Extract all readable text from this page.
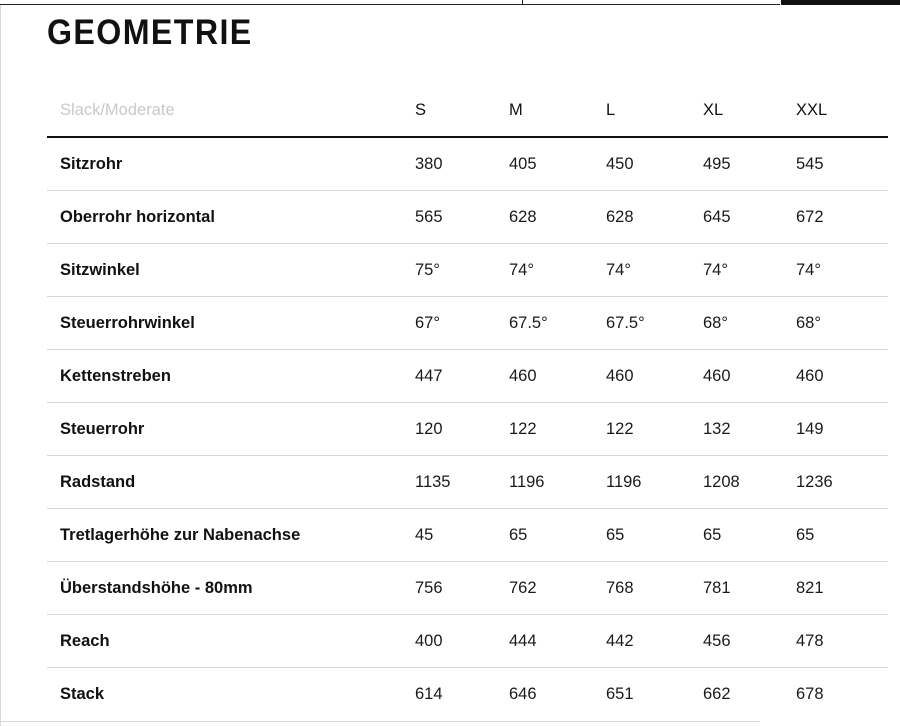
GEOMETRIE
Slack/Moderate	S	M	L	XL	XXL
Sitzrohr	380	405	450	495	545
Oberrohr horizontal	565	628	628	645	672
Sitzwinkel	75°	74°	74°	74°	74°
Steuerrohrwinkel	67°	67.5°	67.5°	68°	68°
Kettenstreben	447	460	460	460	460
Steuerrohr	120	122	122	132	149
Radstand	1135	1196	1196	1208	1236
Tretlagerhöhe zur Nabenachse	45	65	65	65	65
Überstandshöhe - 80mm	756	762	768	781	821
Reach	400	444	442	456	478
Stack	614	646	651	662	678
